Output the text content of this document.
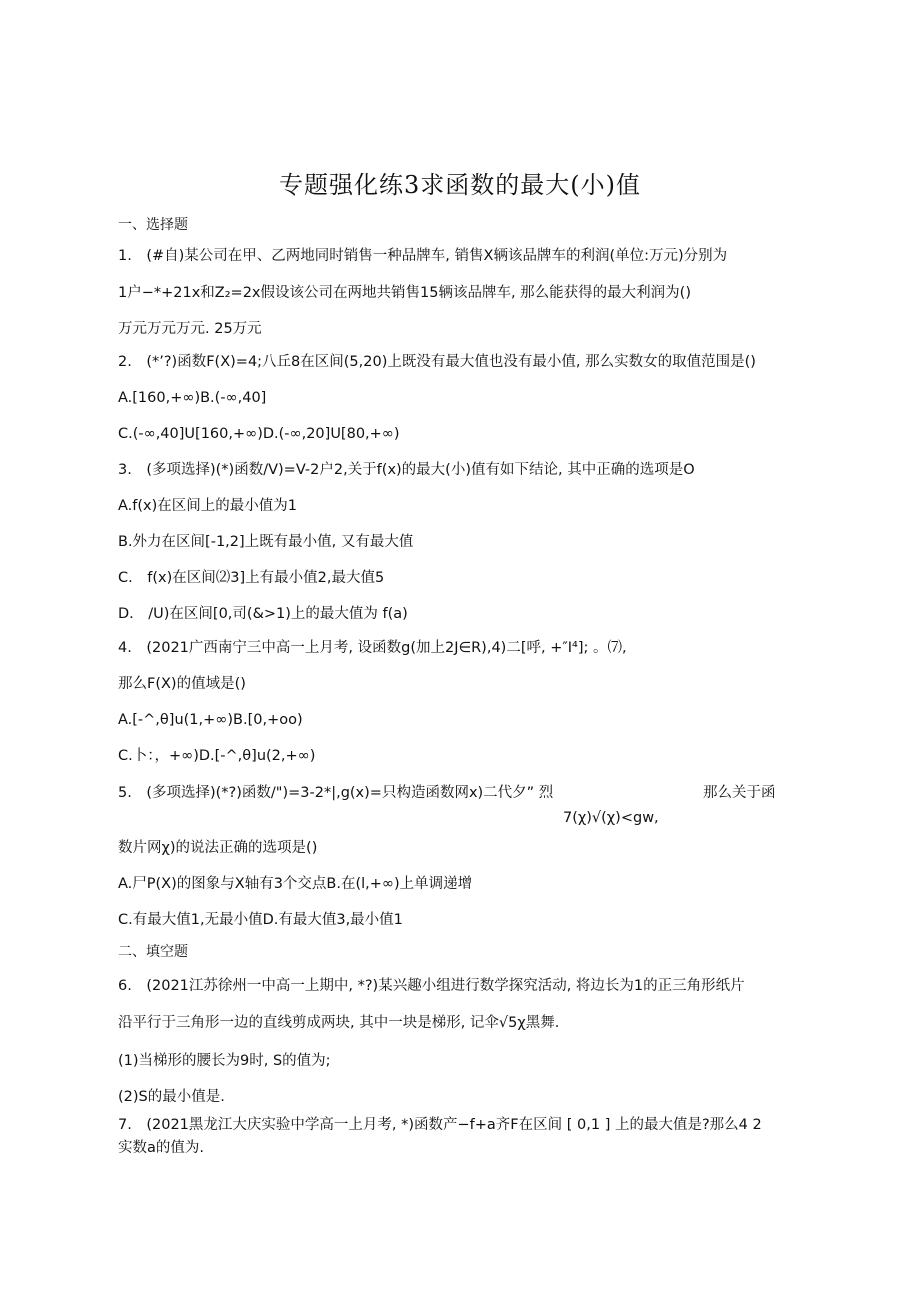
专题强化练3求函数的最大(小)值
一、选择题
1.　(#自)某公司在甲、乙两地同时销售一种品牌车, 销售X辆该品牌车的利润(单位:万元)分别为
1户−*+21x和Z₂=2x假设该公司在两地共销售15辆该品牌车, 那么能获得的最大利润为()
万元万元万元. 25万元
2.　(*’?)函数F(X)=4;八丘8在区间(5,20)上既没有最大值也没有最小值, 那么实数女的取值范围是()
A.[160,+∞)B.(-∞,40]
C.(-∞,40]U[160,+∞)D.(-∞,20]U[80,+∞)
3.　(多项选择)(*)函数/V)=V-2户2,关于f(x)的最大(小)值有如下结论, 其中正确的选项是O
A.f(x)在区间上的最小值为1
B.外力在区间[-1,2]上既有最小值, 又有最大值
C.　f(x)在区间⑵3]上有最小值2,最大值5
D.　/U)在区间[0,司(&>1)上的最大值为 f(a)
4.　(2021广西南宁三中高一上月考, 设函数g(加上2J∈R),4)二[呼, +″I⁴]; 。⑺,
那么F(X)的值域是()
A.[-^,θ]u(1,+∞)B.[0,+oo)
C.卜：，+∞)D.[-^,θ]u(2,+∞)
5.　(多项选择)(*?)函数/")=3-2*|,g(x)=只构造函数网x)二代夕” 烈	那么关于函
7(χ)√(χ)<gw,
数片网χ)的说法正确的选项是()
A.尸P(X)的图象与X轴有3个交点B.在(l,+∞)上单调递增
C.有最大值1,无最小值D.有最大值3,最小值1
二、填空题
6.　(2021江苏徐州一中高一上期中, *?)某兴趣小组进行数学探究活动, 将边长为1的正三角形纸片
沿平行于三角形一边的直线剪成两块, 其中一块是梯形, 记伞√5χ黑舞.
(1)当梯形的腰长为9时, S的值为;
(2)S的最小值是.
7.　(2021黑龙江大庆实验中学高一上月考, *)函数产−f+a齐F在区间 [ 0,1 ] 上的最大值是?那么4 2
实数a的值为.
